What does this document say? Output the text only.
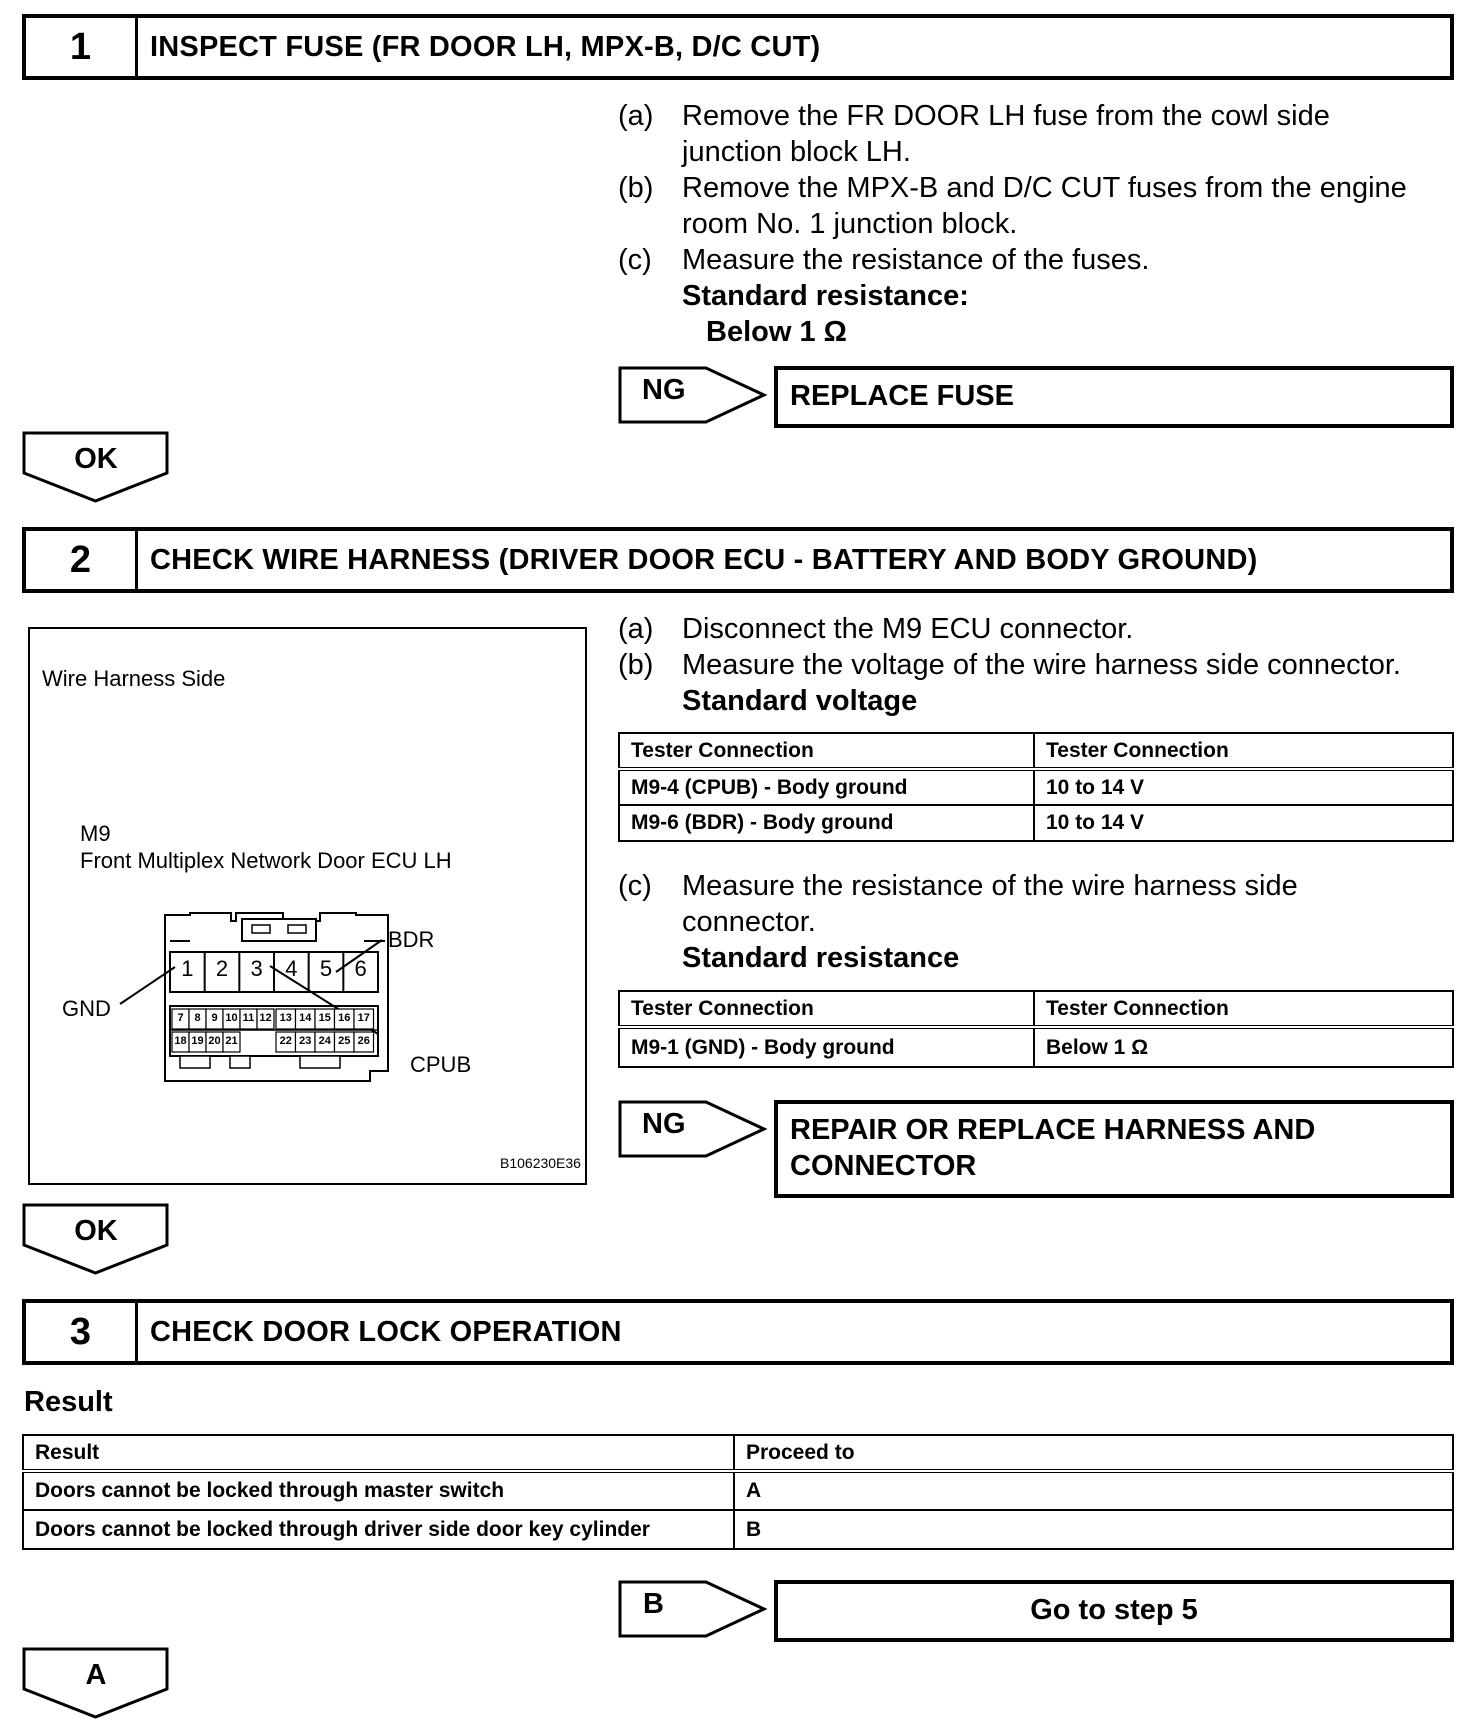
1	INSPECT FUSE (FR DOOR LH, MPX-B, D/C CUT)
(a) Remove the FR DOOR LH fuse from the cowl side
junction block LH.
(b) Remove the MPX-B and D/C CUT fuses from the engine
room No. 1 junction block.
(c) Measure the resistance of the fuses.
Standard resistance:
Below 1 Ω
NG	REPLACE FUSE
OK
2	CHECK WIRE HARNESS (DRIVER DOOR ECU - BATTERY AND BODY GROUND)
Wire Harness Side
M9
Front Multiplex Network Door ECU LH
BDR
GND
CPUB
B106230E36
1	2	3	4	5	6
7 8 9 10 11 12 13 14 15 16 17
18 19 20 21	22 23 24 25 26
(a) Disconnect the M9 ECU connector.
(b) Measure the voltage of the wire harness side connector.
Standard voltage
Tester Connection	Tester Connection
M9-4 (CPUB) - Body ground	10 to 14 V
M9-6 (BDR) - Body ground	10 to 14 V
(c) Measure the resistance of the wire harness side
connector.
Standard resistance
Tester Connection	Tester Connection
M9-1 (GND) - Body ground	Below 1 Ω
NG	REPAIR OR REPLACE HARNESS AND
CONNECTOR
OK
3	CHECK DOOR LOCK OPERATION
Result
Result	Proceed to
Doors cannot be locked through master switch	A
Doors cannot be locked through driver side door key cylinder	B
B	Go to step 5
A
